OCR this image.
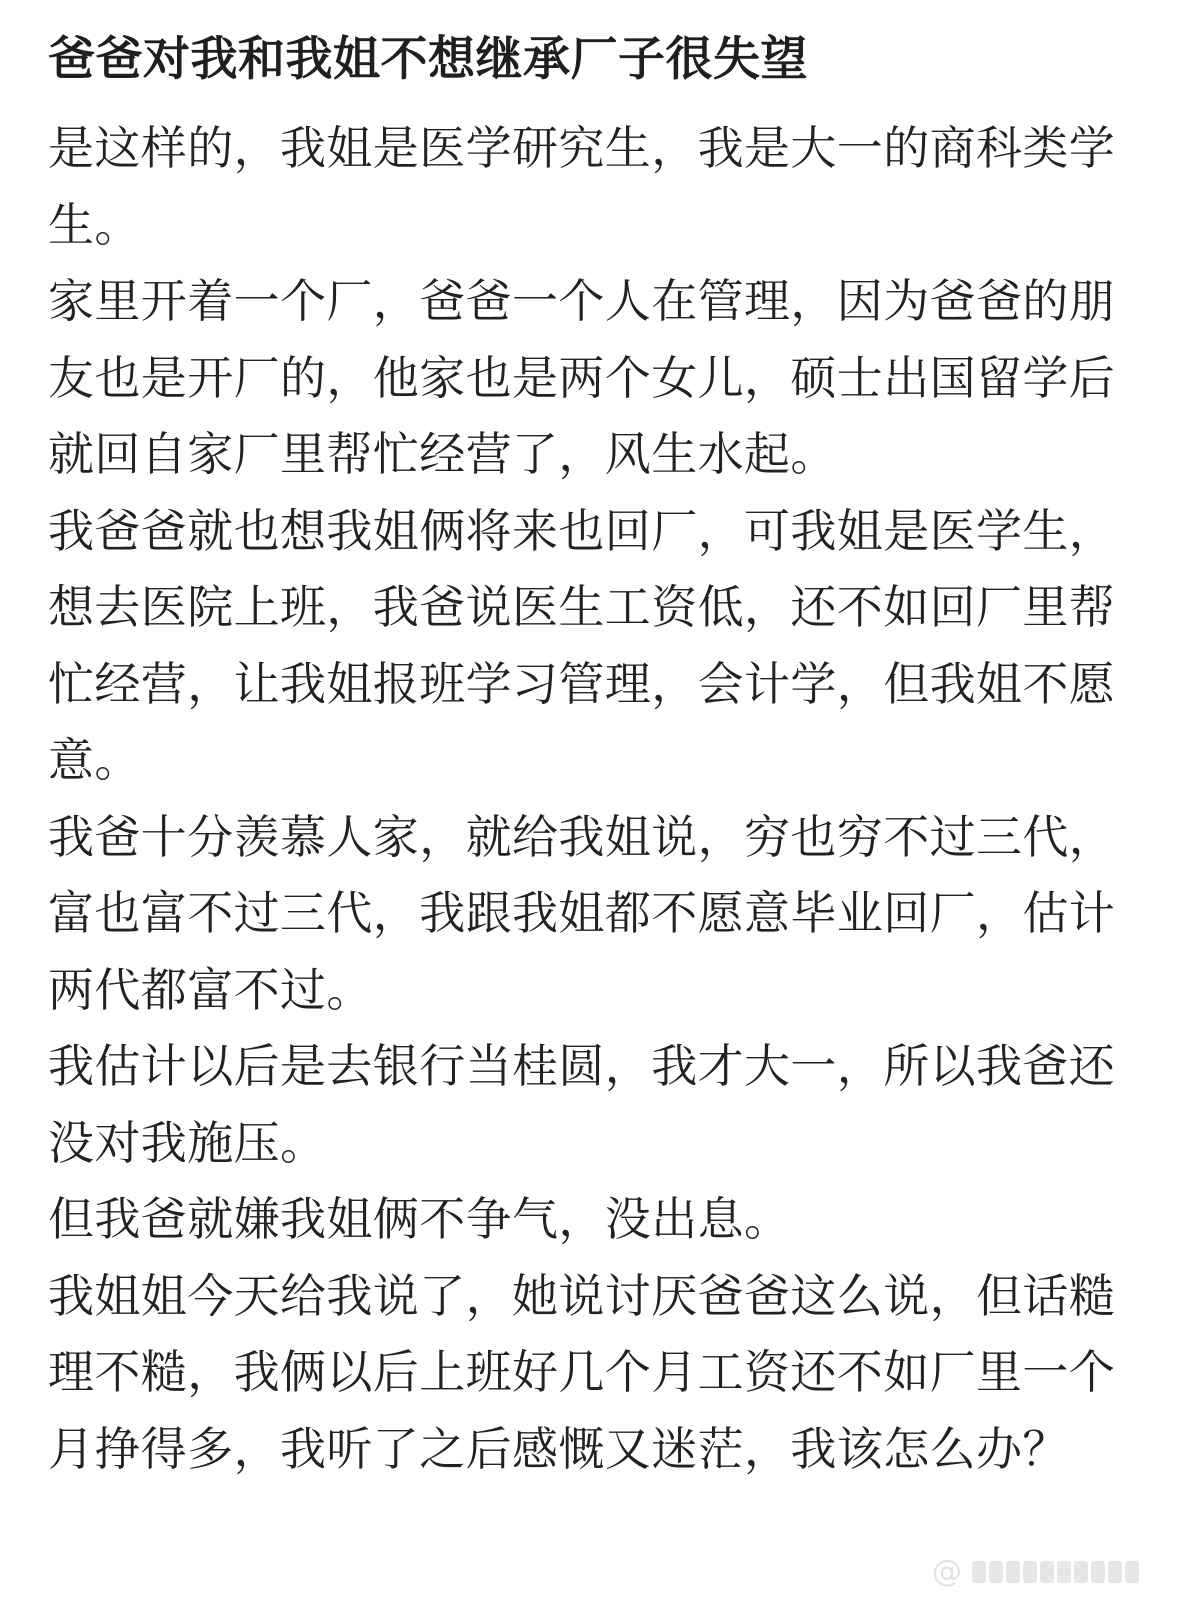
爸爸对我和我姐不想继承厂子很失望

是这样的，我姐是医学研究生，我是大一的商科类学生。

家里开着一个厂，爸爸一个人在管理，因为爸爸的朋友也是开厂的，他家也是两个女儿，硕士出国留学后就回自家厂里帮忙经营了，风生水起。

我爸爸就也想我姐俩将来也回厂，可我姐是医学生，想去医院上班，我爸说医生工资低，还不如回厂里帮忙经营，让我姐报班学习管理，会计学，但我姐不愿意。

我爸十分羡慕人家，就给我姐说，穷也穷不过三代，富也富不过三代，我跟我姐都不愿意毕业回厂，估计两代都富不过。

我估计以后是去银行当桂圆，我才大一，所以我爸还没对我施压。

但我爸就嫌我姐俩不争气，没出息。

我姐姐今天给我说了，她说讨厌爸爸这么说，但话糙理不糙，我俩以后上班好几个月工资还不如厂里一个月挣得多，我听了之后感慨又迷茫，我该怎么办？

@
